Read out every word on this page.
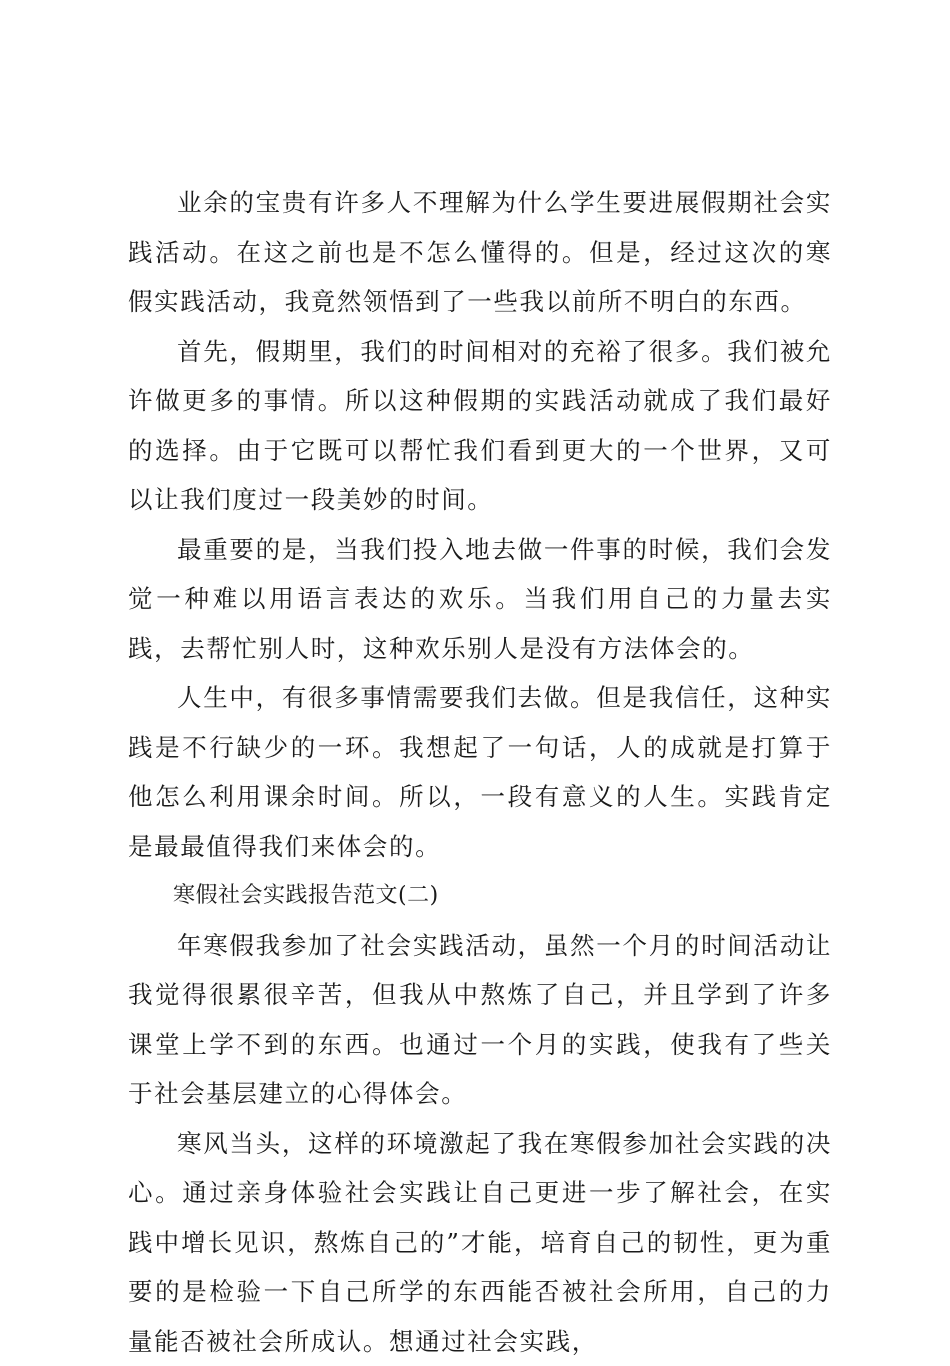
业余的宝贵有许多人不理解为什么学生要进展假期社会实践活动。在这之前也是不怎么懂得的。但是，经过这次的寒假实践活动，我竟然领悟到了一些我以前所不明白的东西。

首先，假期里，我们的时间相对的充裕了很多。我们被允许做更多的事情。所以这种假期的实践活动就成了我们最好的选择。由于它既可以帮忙我们看到更大的一个世界，又可以让我们度过一段美妙的时间。

最重要的是，当我们投入地去做一件事的时候，我们会发觉一种难以用语言表达的欢乐。当我们用自己的力量去实践，去帮忙别人时，这种欢乐别人是没有方法体会的。

人生中，有很多事情需要我们去做。但是我信任，这种实践是不行缺少的一环。我想起了一句话，人的成就是打算于他怎么利用课余时间。所以，一段有意义的人生。实践肯定是最最值得我们来体会的。

寒假社会实践报告范文(二)

年寒假我参加了社会实践活动，虽然一个月的时间活动让我觉得很累很辛苦，但我从中熬炼了自己，并且学到了许多课堂上学不到的东西。也通过一个月的实践，使我有了些关于社会基层建立的心得体会。

寒风当头，这样的环境激起了我在寒假参加社会实践的决心。通过亲身体验社会实践让自己更进一步了解社会，在实践中增长见识，熬炼自己的”才能，培育自己的韧性，更为重要的是检验一下自己所学的东西能否被社会所用，自己的力量能否被社会所成认。想通过社会实践，
